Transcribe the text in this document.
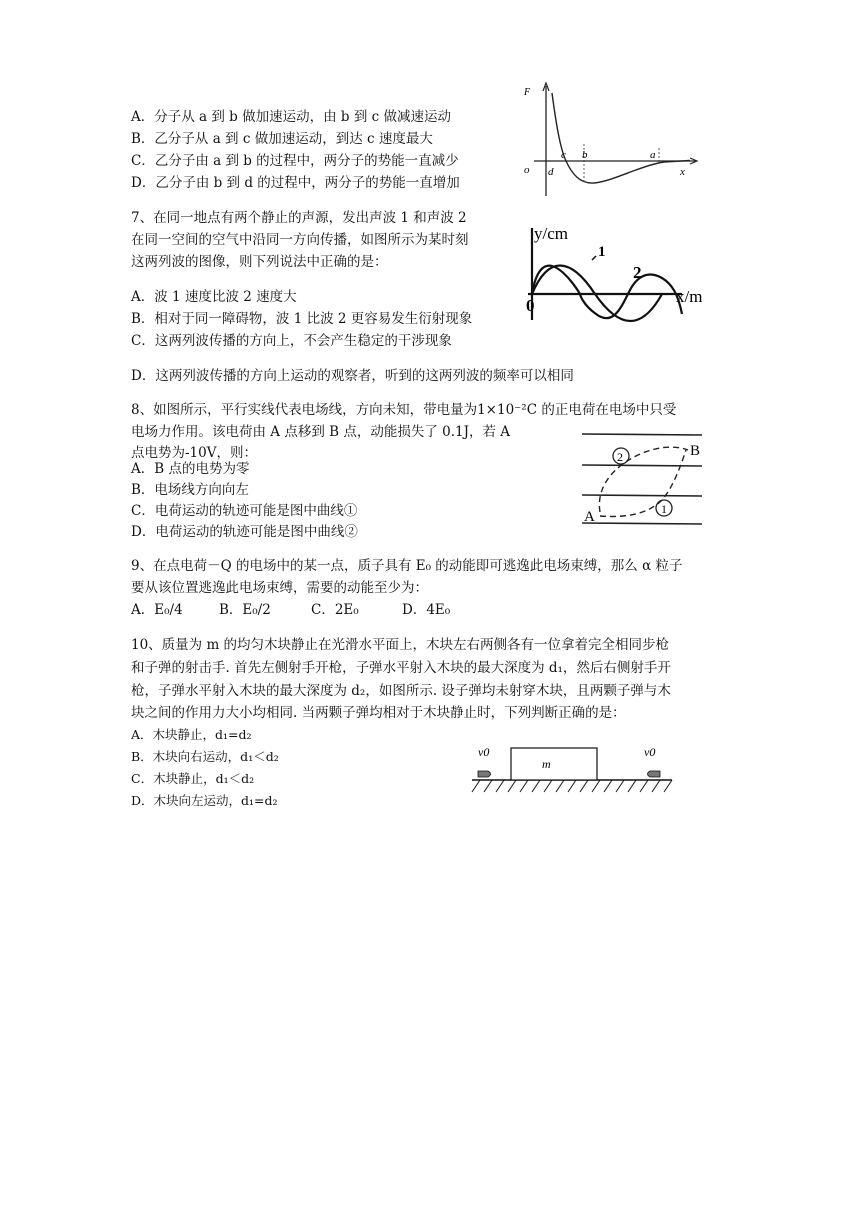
A．分子从 a 到 b 做加速运动，由 b 到 c 做减速运动
B．乙分子从 a 到 c 做加速运动，到达 c 速度最大
C．乙分子由 a 到 b 的过程中，两分子的势能一直减少
D．乙分子由 b 到 d 的过程中，两分子的势能一直增加
F
o d
c b	a
x
7、在同一地点有两个静止的声源，发出声波 1 和声波 2
在同一空间的空气中沿同一方向传播，如图所示为某时刻
这两列波的图像，则下列说法中正确的是：
A．波 1 速度比波 2 速度大
B．相对于同一障碍物，波 1 比波 2 更容易发生衍射现象
C．这两列波传播的方向上，不会产生稳定的干涉现象
D．这两列波传播的方向上运动的观察者，听到的这两列波的频率可以相同
y/cm
0
1
2
x/m
8、如图所示，平行实线代表电场线，方向未知，带电量为1×10⁻²C 的正电荷在电场中只受
电场力作用。该电荷由 A 点移到 B 点，动能损失了 0.1J，若 A
点电势为-10V，则：
A．B 点的电势为零
B．电场线方向向左
C．电荷运动的轨迹可能是图中曲线①
D．电荷运动的轨迹可能是图中曲线②
2
1
A
B
9、在点电荷－Q 的电场中的某一点，质子具有 E₀ 的动能即可逃逸此电场束缚，那么 α 粒子
要从该位置逃逸此电场束缚，需要的动能至少为：
A．E₀/4	B．E₀/2	C．2E₀	D．4E₀
10、质量为 m 的均匀木块静止在光滑水平面上，木块左右两侧各有一位拿着完全相同步枪
和子弹的射击手. 首先左侧射手开枪，子弹水平射入木块的最大深度为 d₁，然后右侧射手开
枪，子弹水平射入木块的最大深度为 d₂，如图所示. 设子弹均未射穿木块，且两颗子弹与木
块之间的作用力大小均相同. 当两颗子弹均相对于木块静止时，下列判断正确的是：
A．木块静止，d₁=d₂
B．木块向右运动，d₁＜d₂
C．木块静止，d₁＜d₂
D．木块向左运动，d₁=d₂
m
v0	v0
